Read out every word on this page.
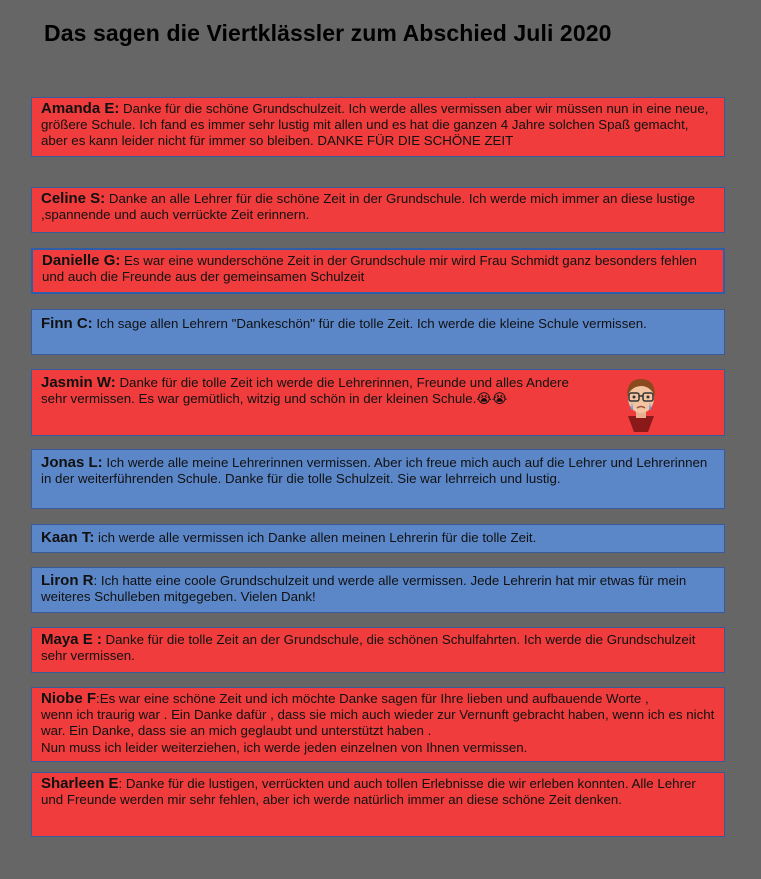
Das sagen die Viertklässler zum Abschied Juli 2020
Amanda E: Danke für die schöne Grundschulzeit. Ich werde alles vermissen aber wir müssen nun in eine neue, größere Schule. Ich fand es immer sehr lustig mit allen und es hat die ganzen 4 Jahre solchen Spaß gemacht, aber es kann leider nicht für immer so bleiben. DANKE FÜR DIE SCHÖNE ZEIT
Celine S: Danke an alle Lehrer für die schöne Zeit in der Grundschule. Ich werde mich immer an diese lustige ,spannende und auch verrückte Zeit erinnern.
Danielle G: Es war eine wunderschöne Zeit in der Grundschule mir wird Frau Schmidt ganz besonders fehlen und auch die Freunde aus der gemeinsamen Schulzeit
Finn C: Ich sage allen Lehrern "Dankeschön" für die tolle Zeit. Ich werde die kleine Schule vermissen.
Jasmin W: Danke für die tolle Zeit ich werde die Lehrerinnen, Freunde und alles Andere
sehr vermissen. Es war gemütlich, witzig und schön in der kleinen Schule.😭😭
Jonas L: Ich werde alle meine Lehrerinnen vermissen. Aber ich freue mich auch auf die Lehrer und Lehrerinnen in der weiterführenden Schule. Danke für die tolle Schulzeit. Sie war lehrreich und lustig.
Kaan T: ich werde alle vermissen ich Danke allen meinen Lehrerin für die tolle Zeit.
Liron R: Ich hatte eine coole Grundschulzeit und werde alle vermissen. Jede Lehrerin hat mir etwas für mein weiteres Schulleben mitgegeben. Vielen Dank!
Maya E : Danke für die tolle Zeit an der Grundschule, die schönen Schulfahrten. Ich werde die Grundschulzeit sehr vermissen.
Niobe F:Es war eine schöne Zeit und ich möchte Danke sagen für Ihre lieben und aufbauende Worte ,
wenn ich traurig war . Ein Danke dafür , dass sie mich auch wieder zur Vernunft gebracht haben, wenn ich es nicht war. Ein Danke, dass sie an mich geglaubt und unterstützt haben .
Nun muss ich leider weiterziehen, ich werde jeden einzelnen von Ihnen vermissen.
Sharleen E: Danke für die lustigen, verrückten und auch tollen Erlebnisse die wir erleben konnten. Alle Lehrer und Freunde werden mir sehr fehlen, aber ich werde natürlich immer an diese schöne Zeit denken.
